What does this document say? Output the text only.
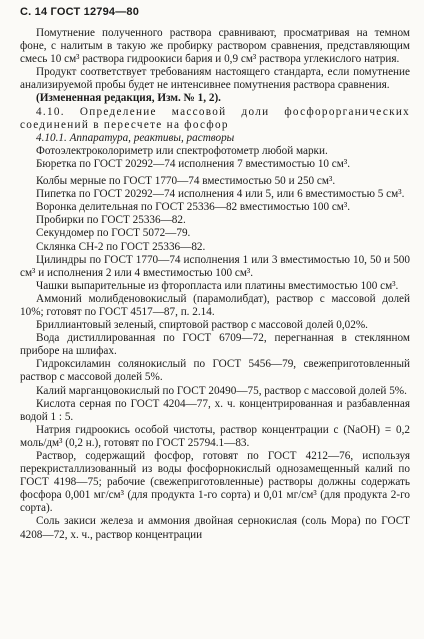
С. 14 ГОСТ 12794—80

Помутнение полученного раствора сравнивают, просматривая на темном фоне, с налитым в такую же пробирку раствором сравнения, представляющим смесь 10 см³ раствора гидроокиси бария и 0,9 см³ раствора углекислого натрия.

Продукт соответствует требованиям настоящего стандарта, если помутнение анализируемой пробы будет не интенсивнее помутнения раствора сравнения.

(Измененная редакция, Изм. № 1, 2).

4.10. Определение массовой доли фосфорорганических соединений в пересчете на фосфор

4.10.1. Аппаратура, реактивы, растворы

Фотоэлектроколориметр или спектрофотометр любой марки.

Бюретка по ГОСТ 20292—74 исполнения 7 вместимостью 10 см³.

Колбы мерные по ГОСТ 1770—74 вместимостью 50 и 250 см³.

Пипетка по ГОСТ 20292—74 исполнения 4 или 5, или 6 вместимостью 5 см³.

Воронка делительная по ГОСТ 25336—82 вместимостью 100 см³.

Пробирки по ГОСТ 25336—82.

Секундомер по ГОСТ 5072—79.

Склянка СН-2 по ГОСТ 25336—82.

Цилиндры по ГОСТ 1770—74 исполнения 1 или 3 вместимостью 10, 50 и 500 см³ и исполнения 2 или 4 вместимостью 100 см³.

Чашки выпарительные из фторопласта или платины вместимостью 100 см³.

Аммоний молибденовокислый (парамолибдат), раствор с массовой долей 10%; готовят по ГОСТ 4517—87, п. 2.14.

Бриллиантовый зеленый, спиртовой раствор с массовой долей 0,02%.

Вода дистиллированная по ГОСТ 6709—72, перегнанная в стеклянном приборе на шлифах.

Гидроксиламин солянокислый по ГОСТ 5456—79, свежеприготовленный раствор с массовой долей 5%.

Калий марганцовокислый по ГОСТ 20490—75, раствор с массовой долей 5%.

Кислота серная по ГОСТ 4204—77, х. ч. концентрированная и разбавленная водой 1 : 5.

Натрия гидроокись особой чистоты, раствор концентрации с (NaOH) = 0,2 моль/дм³ (0,2 н.), готовят по ГОСТ 25794.1—83.

Раствор, содержащий фосфор, готовят по ГОСТ 4212—76, используя перекристаллизованный из воды фосфорнокислый однозамещенный калий по ГОСТ 4198—75; рабочие (свежеприготовленные) растворы должны содержать фосфора 0,001 мг/см³ (для продукта 1-го сорта) и 0,01 мг/см³ (для продукта 2-го сорта).

Соль закиси железа и аммония двойная сернокислая (соль Мора) по ГОСТ 4208—72, х. ч., раствор концентрации
